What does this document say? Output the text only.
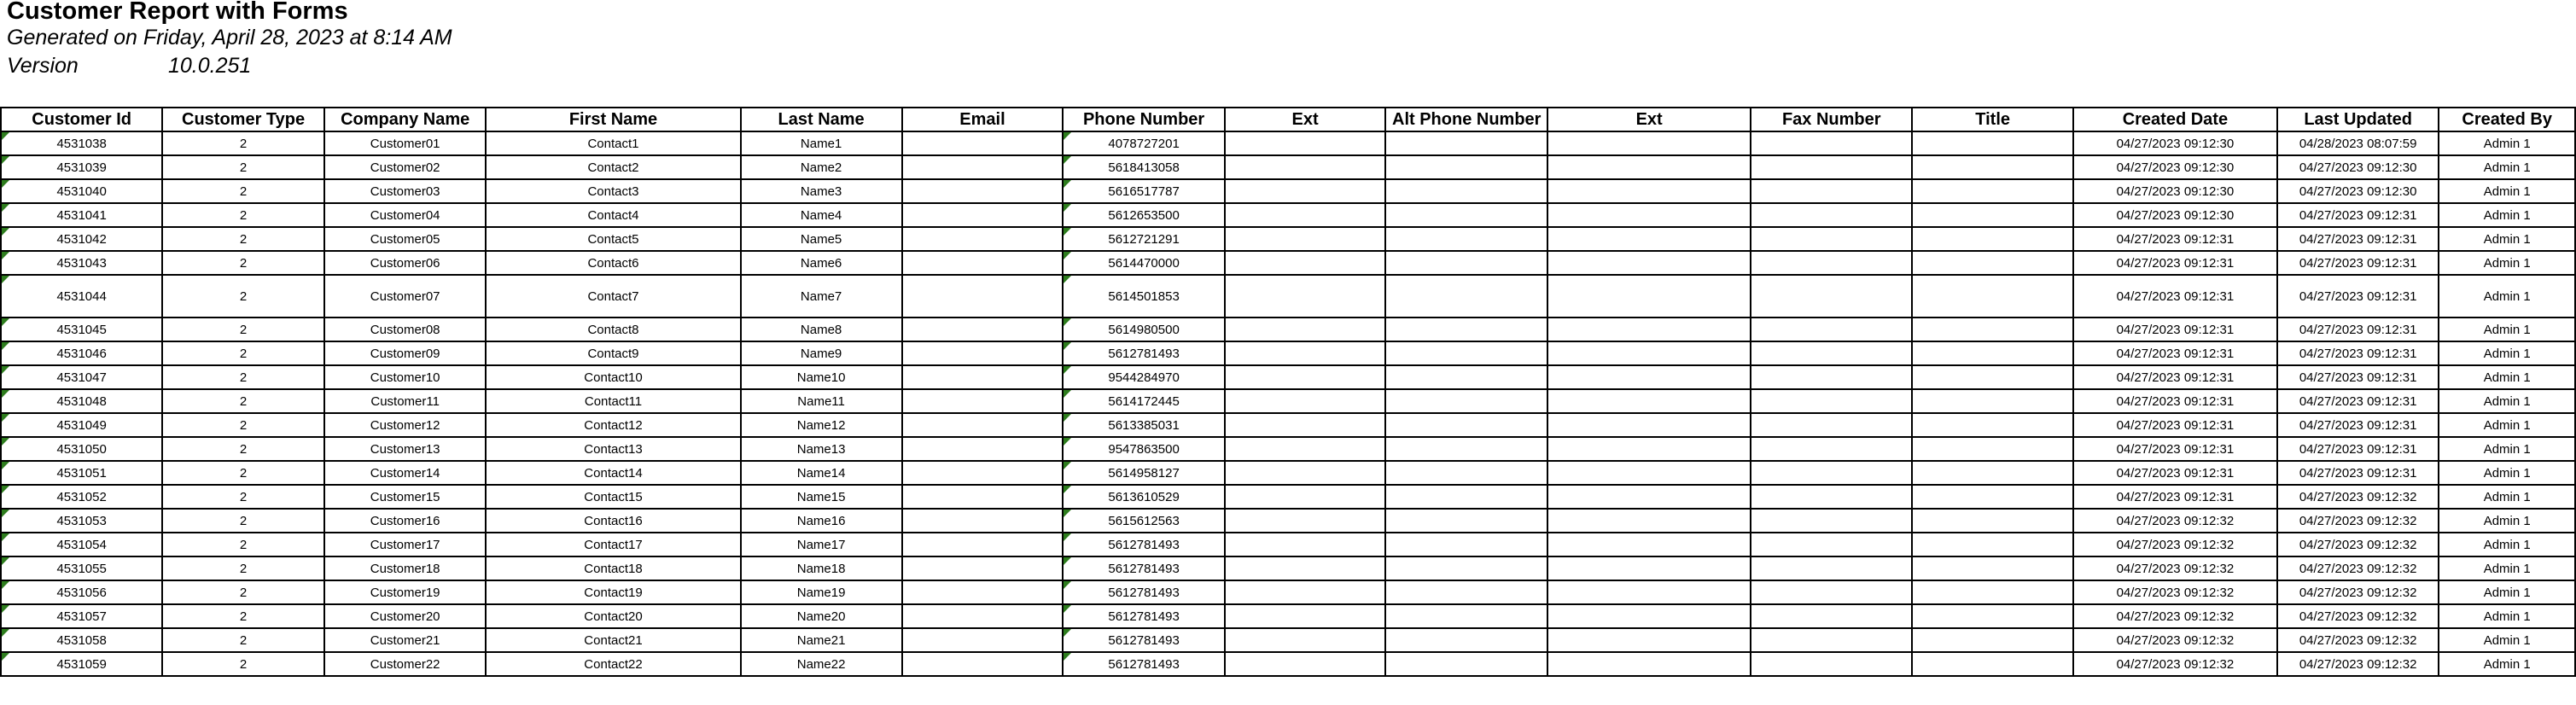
Customer Report with Forms
Generated on Friday, April 28, 2023 at 8:14 AM
Version	10.0.251
Customer Id	Customer Type	Company Name	First Name	Last Name	Email	Phone Number	Ext	Alt Phone Number	Ext	Fax Number	Title	Created Date	Last Updated	Created By
4531038	2	Customer01	Contact1	Name1		4078727201						04/27/2023 09:12:30	04/28/2023 08:07:59	Admin 1
4531039	2	Customer02	Contact2	Name2		5618413058						04/27/2023 09:12:30	04/27/2023 09:12:30	Admin 1
4531040	2	Customer03	Contact3	Name3		5616517787						04/27/2023 09:12:30	04/27/2023 09:12:30	Admin 1
4531041	2	Customer04	Contact4	Name4		5612653500						04/27/2023 09:12:30	04/27/2023 09:12:31	Admin 1
4531042	2	Customer05	Contact5	Name5		5612721291						04/27/2023 09:12:31	04/27/2023 09:12:31	Admin 1
4531043	2	Customer06	Contact6	Name6		5614470000						04/27/2023 09:12:31	04/27/2023 09:12:31	Admin 1
4531044	2	Customer07	Contact7	Name7		5614501853						04/27/2023 09:12:31	04/27/2023 09:12:31	Admin 1
4531045	2	Customer08	Contact8	Name8		5614980500						04/27/2023 09:12:31	04/27/2023 09:12:31	Admin 1
4531046	2	Customer09	Contact9	Name9		5612781493						04/27/2023 09:12:31	04/27/2023 09:12:31	Admin 1
4531047	2	Customer10	Contact10	Name10		9544284970						04/27/2023 09:12:31	04/27/2023 09:12:31	Admin 1
4531048	2	Customer11	Contact11	Name11		5614172445						04/27/2023 09:12:31	04/27/2023 09:12:31	Admin 1
4531049	2	Customer12	Contact12	Name12		5613385031						04/27/2023 09:12:31	04/27/2023 09:12:31	Admin 1
4531050	2	Customer13	Contact13	Name13		9547863500						04/27/2023 09:12:31	04/27/2023 09:12:31	Admin 1
4531051	2	Customer14	Contact14	Name14		5614958127						04/27/2023 09:12:31	04/27/2023 09:12:31	Admin 1
4531052	2	Customer15	Contact15	Name15		5613610529						04/27/2023 09:12:31	04/27/2023 09:12:32	Admin 1
4531053	2	Customer16	Contact16	Name16		5615612563						04/27/2023 09:12:32	04/27/2023 09:12:32	Admin 1
4531054	2	Customer17	Contact17	Name17		5612781493						04/27/2023 09:12:32	04/27/2023 09:12:32	Admin 1
4531055	2	Customer18	Contact18	Name18		5612781493						04/27/2023 09:12:32	04/27/2023 09:12:32	Admin 1
4531056	2	Customer19	Contact19	Name19		5612781493						04/27/2023 09:12:32	04/27/2023 09:12:32	Admin 1
4531057	2	Customer20	Contact20	Name20		5612781493						04/27/2023 09:12:32	04/27/2023 09:12:32	Admin 1
4531058	2	Customer21	Contact21	Name21		5612781493						04/27/2023 09:12:32	04/27/2023 09:12:32	Admin 1
4531059	2	Customer22	Contact22	Name22		5612781493						04/27/2023 09:12:32	04/27/2023 09:12:32	Admin 1
